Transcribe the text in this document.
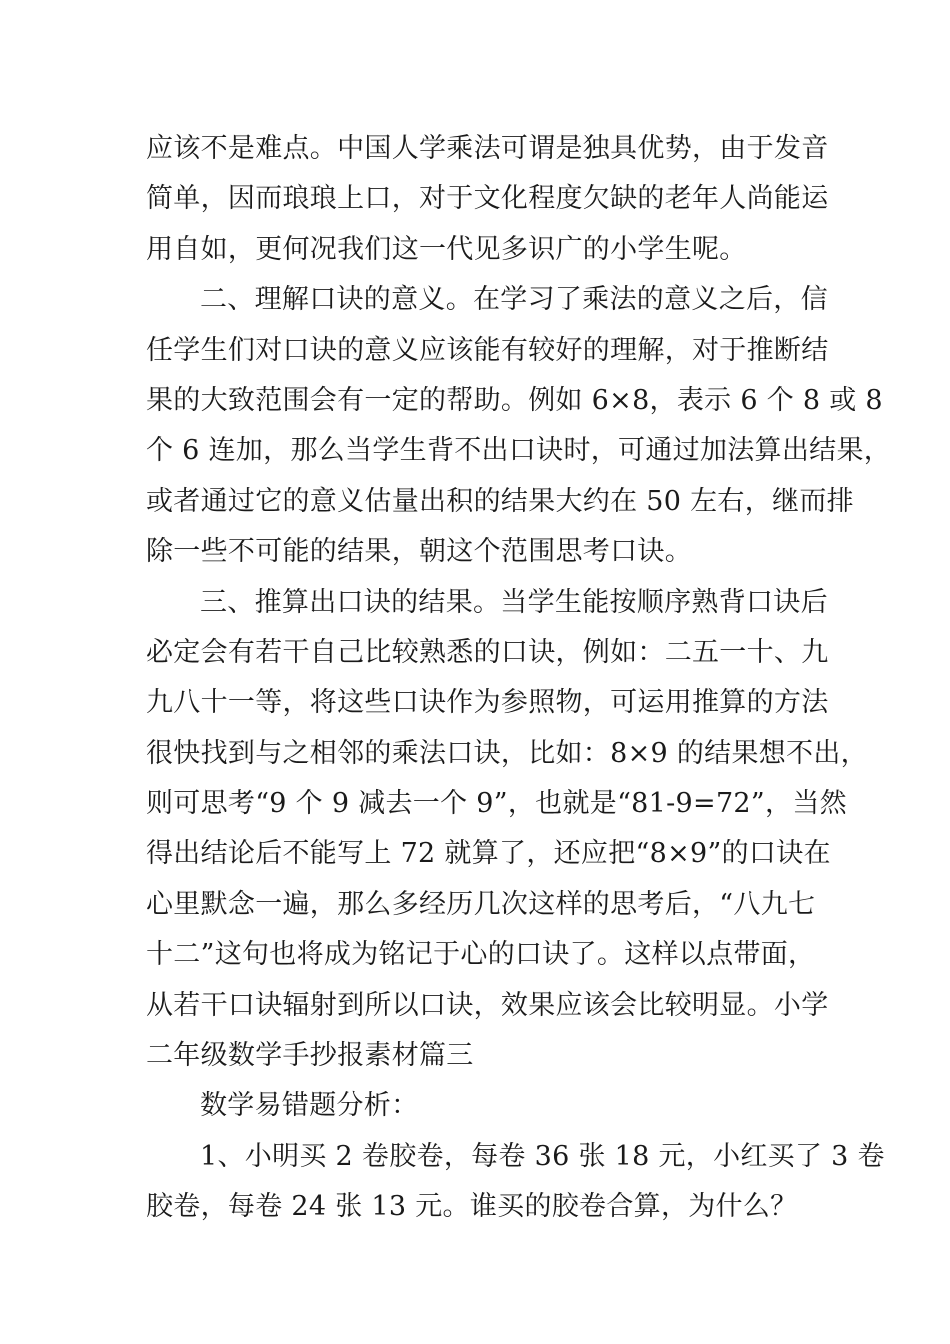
应该不是难点。中国人学乘法可谓是独具优势，由于发音
简单，因而琅琅上口，对于文化程度欠缺的老年人尚能运
用自如，更何况我们这一代见多识广的小学生呢。
二、理解口诀的意义。在学习了乘法的意义之后，信
任学生们对口诀的意义应该能有较好的理解，对于推断结
果的大致范围会有一定的帮助。例如 6×8，表示 6 个 8 或 8
个 6 连加，那么当学生背不出口诀时，可通过加法算出结果，
或者通过它的意义估量出积的结果大约在 50 左右，继而排
除一些不可能的结果，朝这个范围思考口诀。
三、推算出口诀的结果。当学生能按顺序熟背口诀后
必定会有若干自己比较熟悉的口诀，例如：二五一十、九
九八十一等，将这些口诀作为参照物，可运用推算的方法
很快找到与之相邻的乘法口诀，比如：8×9 的结果想不出，
则可思考“9 个 9 减去一个 9”，也就是“81-9=72”，当然
得出结论后不能写上 72 就算了，还应把“8×9”的口诀在
心里默念一遍，那么多经历几次这样的思考后，“八九七
十二”这句也将成为铭记于心的口诀了。这样以点带面，
从若干口诀辐射到所以口诀，效果应该会比较明显。小学
二年级数学手抄报素材篇三
数学易错题分析：
1、小明买 2 卷胶卷，每卷 36 张 18 元，小红买了 3 卷
胶卷，每卷 24 张 13 元。谁买的胶卷合算，为什么？
